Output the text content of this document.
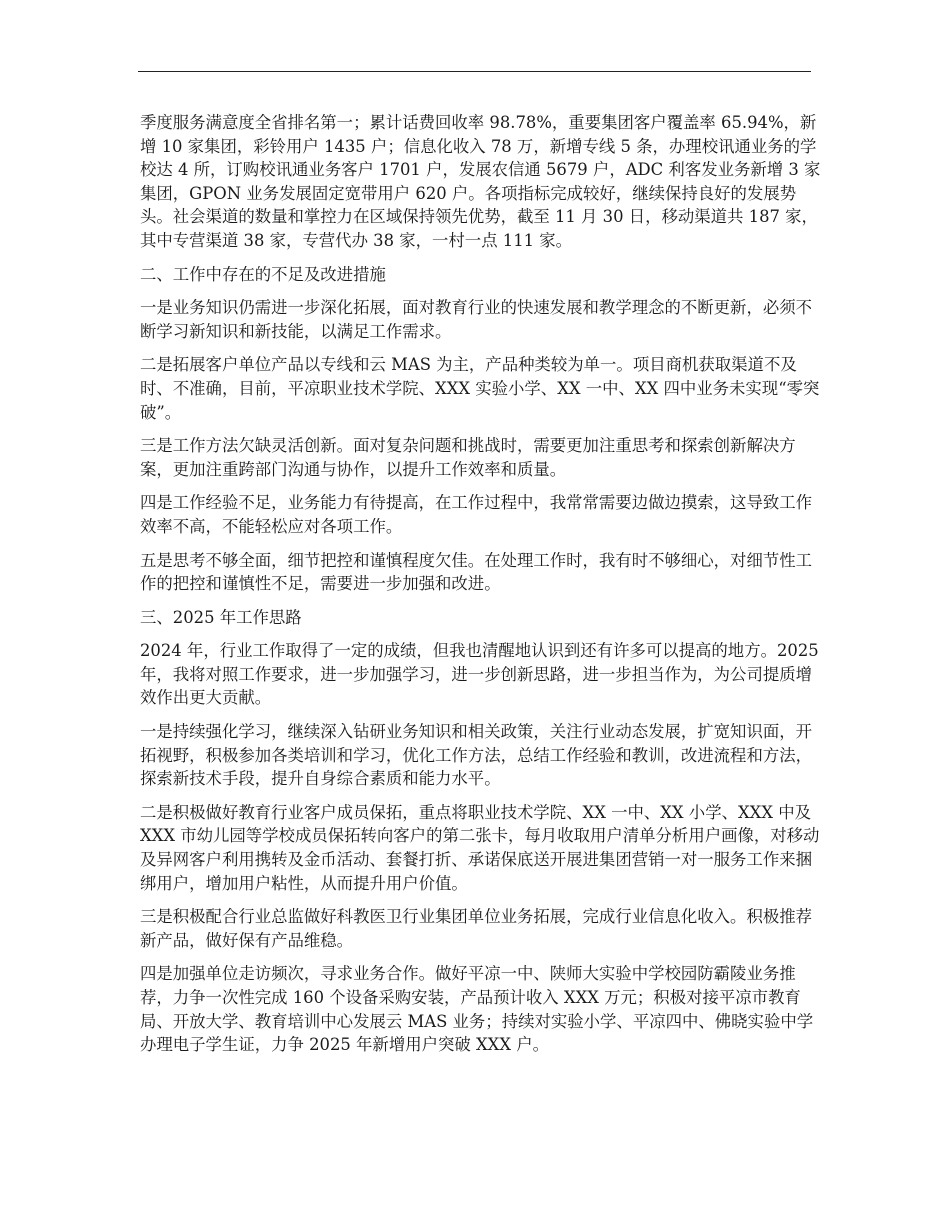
季度服务满意度全省排名第一；累计话费回收率 98.78%，重要集团客户覆盖率 65.94%，新增 10 家集团，彩铃用户 1435 户；信息化收入 78 万，新增专线 5 条，办理校讯通业务的学校达 4 所，订购校讯通业务客户 1701 户，发展农信通 5679 户，ADC 利客发业务新增 3 家集团，GPON 业务发展固定宽带用户 620 户。各项指标完成较好，继续保持良好的发展势头。社会渠道的数量和掌控力在区域保持领先优势，截至 11 月 30 日，移动渠道共 187 家，其中专营渠道 38 家，专营代办 38 家，一村一点 111 家。

二、工作中存在的不足及改进措施

一是业务知识仍需进一步深化拓展，面对教育行业的快速发展和教学理念的不断更新，必须不断学习新知识和新技能，以满足工作需求。

二是拓展客户单位产品以专线和云 MAS 为主，产品种类较为单一。项目商机获取渠道不及时、不准确，目前，平凉职业技术学院、XXX 实验小学、XX 一中、XX 四中业务未实现“零突破”。

三是工作方法欠缺灵活创新。面对复杂问题和挑战时，需要更加注重思考和探索创新解决方案，更加注重跨部门沟通与协作，以提升工作效率和质量。

四是工作经验不足，业务能力有待提高，在工作过程中，我常常需要边做边摸索，这导致工作效率不高，不能轻松应对各项工作。

五是思考不够全面，细节把控和谨慎程度欠佳。在处理工作时，我有时不够细心，对细节性工作的把控和谨慎性不足，需要进一步加强和改进。

三、2025 年工作思路

2024 年，行业工作取得了一定的成绩，但我也清醒地认识到还有许多可以提高的地方。2025 年，我将对照工作要求，进一步加强学习，进一步创新思路，进一步担当作为，为公司提质增效作出更大贡献。

一是持续强化学习，继续深入钻研业务知识和相关政策，关注行业动态发展，扩宽知识面，开拓视野，积极参加各类培训和学习，优化工作方法，总结工作经验和教训，改进流程和方法，探索新技术手段，提升自身综合素质和能力水平。

二是积极做好教育行业客户成员保拓，重点将职业技术学院、XX 一中、XX 小学、XXX 中及 XXX 市幼儿园等学校成员保拓转向客户的第二张卡，每月收取用户清单分析用户画像，对移动及异网客户利用携转及金币活动、套餐打折、承诺保底送开展进集团营销一对一服务工作来捆绑用户，增加用户粘性，从而提升用户价值。

三是积极配合行业总监做好科教医卫行业集团单位业务拓展，完成行业信息化收入。积极推荐新产品，做好保有产品维稳。

四是加强单位走访频次，寻求业务合作。做好平凉一中、陕师大实验中学校园防霸陵业务推荐，力争一次性完成 160 个设备采购安装，产品预计收入 XXX 万元；积极对接平凉市教育局、开放大学、教育培训中心发展云 MAS 业务；持续对实验小学、平凉四中、佛晓实验中学办理电子学生证，力争 2025 年新增用户突破 XXX 户。
